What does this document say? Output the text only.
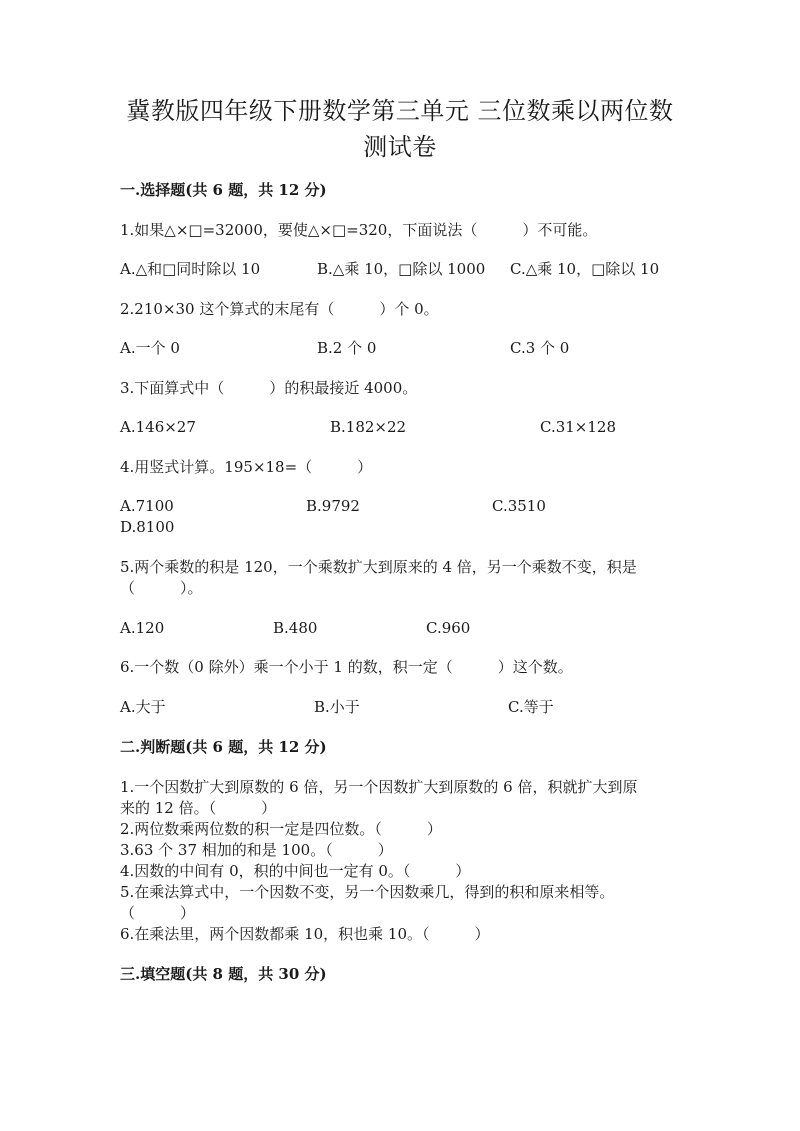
冀教版四年级下册数学第三单元 三位数乘以两位数
测试卷
一.选择题(共 6 题，共 12 分)
1.如果△×□=32000，要使△×□=320，下面说法（　　　）不可能。
A.△和□同时除以 10	B.△乘 10，□除以 1000 C.△乘 10，□除以 10
2.210×30 这个算式的末尾有（　　　）个 0。
A.一个 0	B.2 个 0	C.3 个 0
3.下面算式中（　　　）的积最接近 4000。
A.146×27	B.182×22	C.31×128
4.用竖式计算。195×18=（　　　）
A.7100	B.9792	C.3510
D.8100
5.两个乘数的积是 120，一个乘数扩大到原来的 4 倍，另一个乘数不变，积是
（　　　）。
A.120	B.480	C.960
6.一个数（0 除外）乘一个小于 1 的数，积一定（　　　）这个数。
A.大于	B.小于	C.等于
二.判断题(共 6 题，共 12 分)
1.一个因数扩大到原数的 6 倍，另一个因数扩大到原数的 6 倍，积就扩大到原
来的 12 倍。（　　　）
2.两位数乘两位数的积一定是四位数。（　　　）
3.63 个 37 相加的和是 100。（　　　）
4.因数的中间有 0，积的中间也一定有 0。（　　　）
5.在乘法算式中，一个因数不变，另一个因数乘几，得到的积和原来相等。
（　　　）
6.在乘法里，两个因数都乘 10，积也乘 10。（　　　）
三.填空题(共 8 题，共 30 分)
